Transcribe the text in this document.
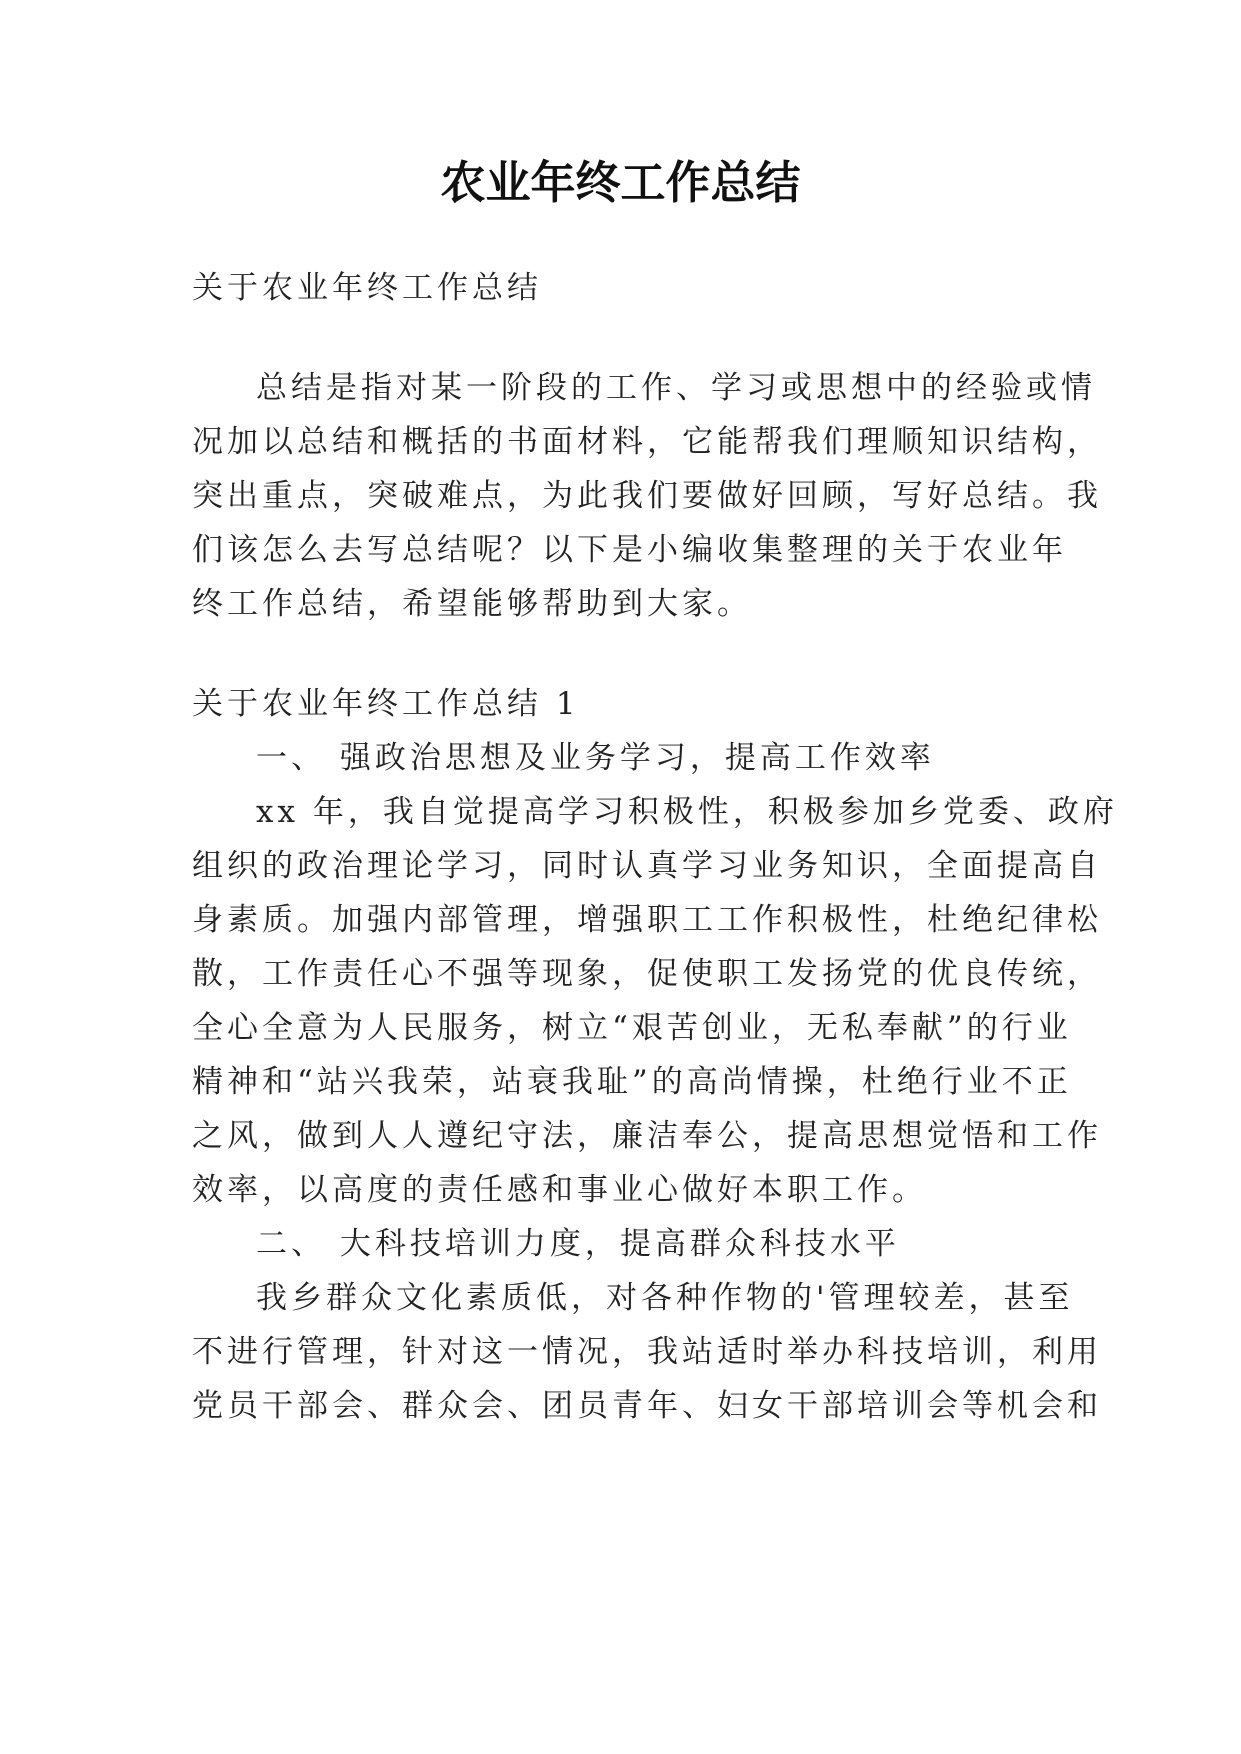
农业年终工作总结
关于农业年终工作总结
总结是指对某一阶段的工作、学习或思想中的经验或情
况加以总结和概括的书面材料，它能帮我们理顺知识结构，
突出重点，突破难点，为此我们要做好回顾，写好总结。我
们该怎么去写总结呢？以下是小编收集整理的关于农业年
终工作总结，希望能够帮助到大家。
关于农业年终工作总结 1
一、 强政治思想及业务学习，提高工作效率
xx 年，我自觉提高学习积极性，积极参加乡党委、政府
组织的政治理论学习，同时认真学习业务知识，全面提高自
身素质。加强内部管理，增强职工工作积极性，杜绝纪律松
散，工作责任心不强等现象，促使职工发扬党的优良传统，
全心全意为人民服务，树立“艰苦创业，无私奉献”的行业
精神和“站兴我荣，站衰我耻”的高尚情操，杜绝行业不正
之风，做到人人遵纪守法，廉洁奉公，提高思想觉悟和工作
效率，以高度的责任感和事业心做好本职工作。
二、 大科技培训力度，提高群众科技水平
我乡群众文化素质低，对各种作物的'管理较差，甚至
不进行管理，针对这一情况，我站适时举办科技培训，利用
党员干部会、群众会、团员青年、妇女干部培训会等机会和
